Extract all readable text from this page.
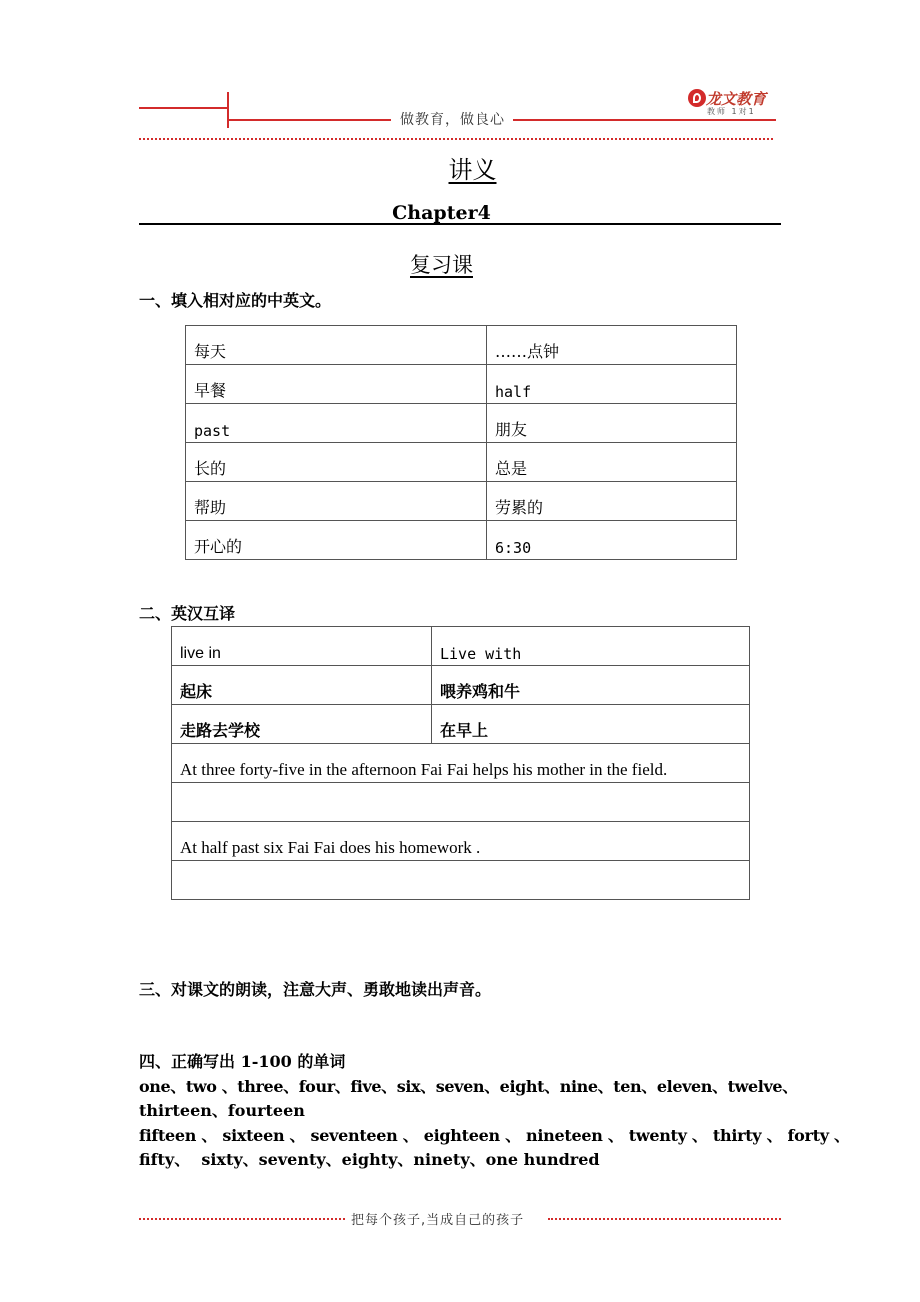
做教育，做良心
龙文教育
教师 1对1
讲义
Chapter4
复习课
一、填入相对应的中英文。
每天	……点钟
早餐	half
past	朋友
长的	总是
帮助	劳累的
开心的	6:30
二、英汉互译
live in	Live with
起床	喂养鸡和牛
走路去学校	在早上
At three forty-five in the afternoon Fai Fai helps his mother in the field.	

At half past six Fai Fai does his homework .	

三、对课文的朗读，注意大声、勇敢地读出声音。
四、正确写出 1-100 的单词
one、two 、three、four、five、six、seven、eight、nine、ten、eleven、twelve、
thirteen、fourteen
fifteen 、 sixteen 、 seventeen 、 eighteen 、 nineteen 、 twenty 、 thirty 、 forty 、
fifty、  sixty、seventy、eighty、ninety、one hundred
把每个孩子,当成自己的孩子
